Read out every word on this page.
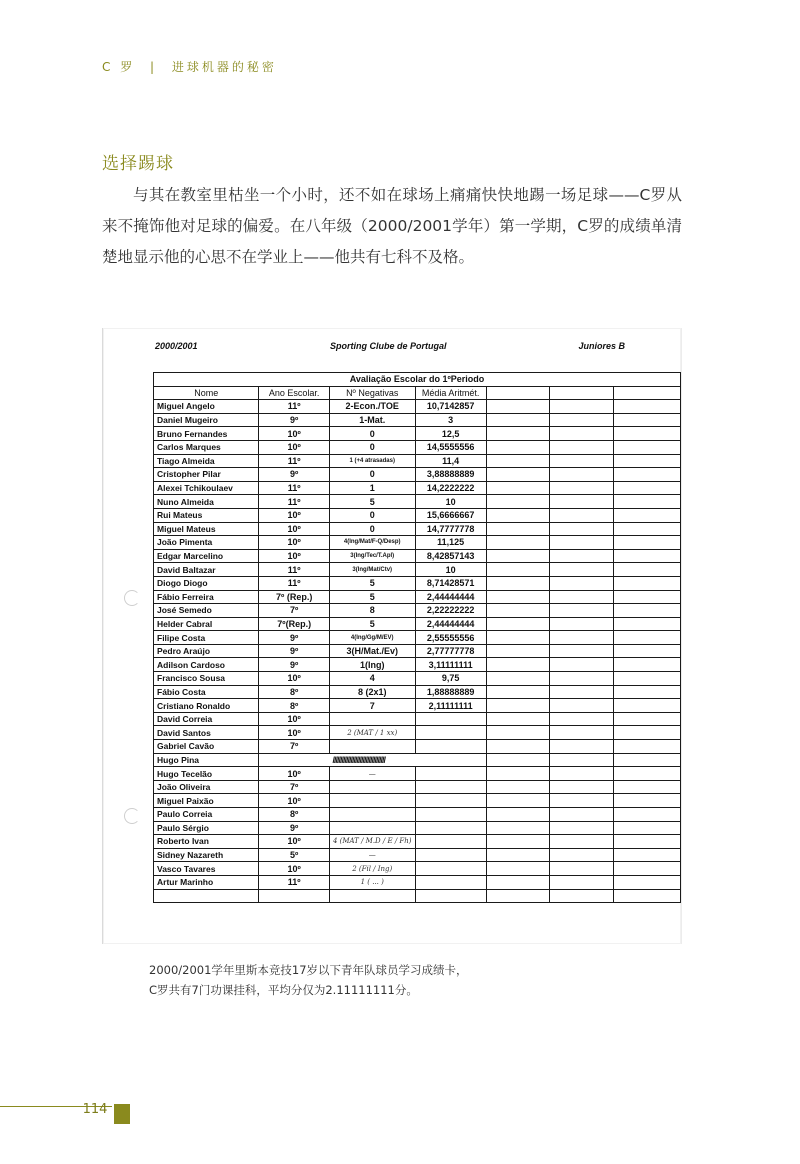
C 罗 | 进球机器的秘密
选择踢球

与其在教室里枯坐一个小时，还不如在球场上痛痛快快地踢一场足球——C罗从来不掩饰他对足球的偏爱。在八年级（2000/2001学年）第一学期，C罗的成绩单清楚地显示他的心思不在学业上——他共有七科不及格。

2000/2001	Sporting Clube de Portugal	Juniores B
Avaliação Escolar do 1ºPeriodo						
Nome	Ano Escolar.	Nº Negativas	Média Aritmét.			
Miguel Angelo	11º	2-Econ./TOE	10,7142857			
Daniel Mugeiro	9º	1-Mat.	3			
Bruno Fernandes	10º	0	12,5			
Carlos Marques	10º	0	14,5555556			
Tiago Almeida	11º	1 (+4 atrasadas)	11,4			
Cristopher Pilar	9º	0	3,88888889			
Alexei Tchikoulaev	11º	1	14,2222222			
Nuno Almeida	11º	5	10			
Rui Mateus	10º	0	15,6666667			
Miguel Mateus	10º	0	14,7777778			
João Pimenta	10º	4(Ing/Mat/F-Q/Desp)	11,125			
Edgar Marcelino	10º	3(Ing/Tec/T.Apl)	8,42857143			
David Baltazar	11º	3(Ing/Mat/Ctv)	10			
Diogo Diogo	11º	5	8,71428571			
Fábio Ferreira	7º (Rep.)	5	2,44444444			
José Semedo	7º	8	2,22222222			
Helder Cabral	7º(Rep.)	5	2,44444444			
Filipe Costa	9º	4(Ing/Gg/M/EV)	2,55555556			
Pedro Araújo	9º	3(H/Mat./Ev)	2,77777778			
Adilson Cardoso	9º	1(Ing)	3,11111111			
Francisco Sousa	10º	4	9,75			
Fábio Costa	8º	8 (2x1)	1,88888889			
Cristiano Ronaldo	8º	7	2,11111111			
David Correia	10º					
David Santos	10º	2 (MAT / 1 xx)				
Gabriel Cavão	7º					
Hugo Pina		///////////////////////////////////				
Hugo Tecelão	10º	—				
João Oliveira	7º					
Miguel Paixão	10º					
Paulo Correia	8º					
Paulo Sérgio	9º					
Roberto Ivan	10º	4 (MAT / M.D / E / Fh)				
Sidney Nazareth	5º	—				
Vasco Tavares	10º	2 (Fil / Ing)				
Artur Marinho	11º	1 ( ... )				

2000/2001学年里斯本竞技17岁以下青年队球员学习成绩卡，
C罗共有7门功课挂科，平均分仅为2.11111111分。
114
